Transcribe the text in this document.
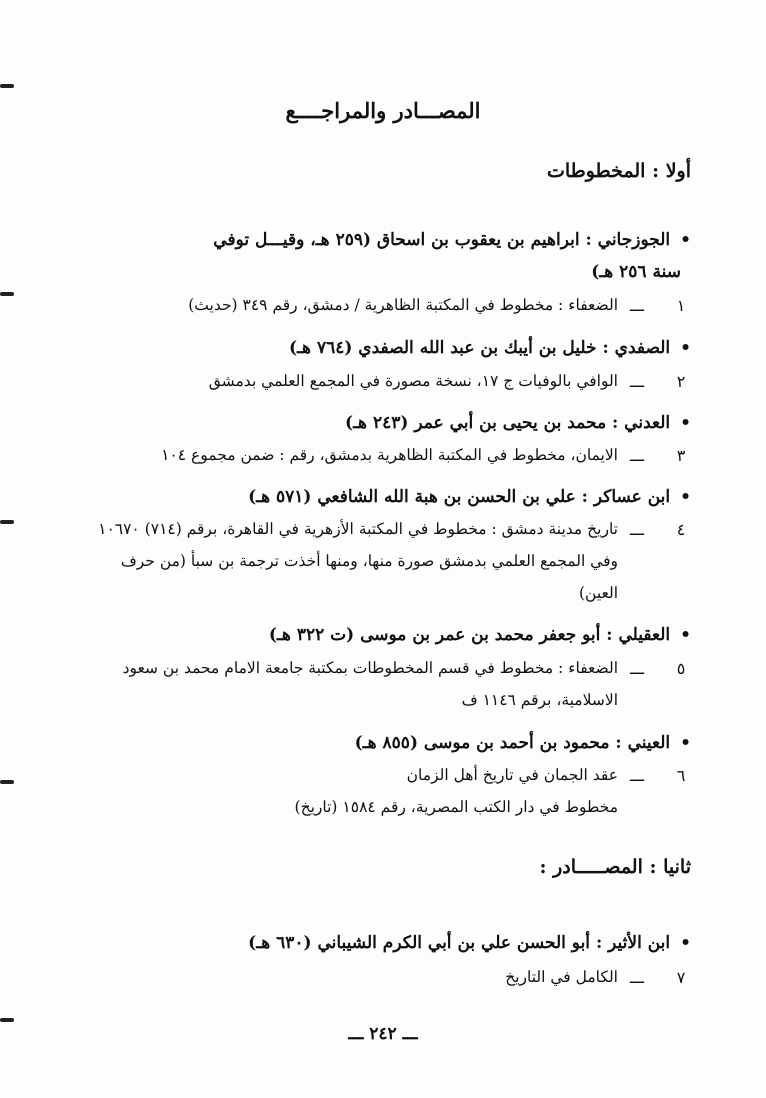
المصـــادر والمراجــــع
أولا : المخطوطات
•الجوزجاني : ابراهيم بن يعقوب بن اسحاق (٢٥٩ هـ، وقيـــل توفي
سنة ٢٥٦ هـ)
١
ـــ
الضعفاء : مخطوط في المكتبة الظاهرية / دمشق، رقم ٣٤٩ (حديث)
•الصفدي : خليل بن أيبك بن عبد الله الصفدي (٧٦٤ هـ)
٢
ـــ
الوافي بالوفيات ج ١٧، نسخة مصورة في المجمع العلمي بدمشق
•العدني : محمد بن يحيى بن أبي عمر (٢٤٣ هـ)
٣
ـــ
الايمان، مخطوط في المكتبة الظاهرية بدمشق، رقم : ضمن مجموع ١٠٤
•ابن عساكر : علي بن الحسن بن هبة الله الشافعي (٥٧١ هـ)
٤
ـــ
تاريخ مدينة دمشق : مخطوط في المكتبة الأزهرية في القاهرة، برقم (٧١٤) ١٠٦٧٠
وفي المجمع العلمي بدمشق صورة منها، ومنها أخذت ترجمة بن سبأ (من حرف
العين)
•العقيلي : أبو جعفر محمد بن عمر بن موسى (ت ٣٢٢ هـ)
٥
ـــ
الضعفاء : مخطوط في قسم المخطوطات بمكتبة جامعة الامام محمد بن سعود
الاسلامية، برقم ١١٤٦ ف
•العيني : محمود بن أحمد بن موسى (٨٥٥ هـ)
٦
ـــ
عقد الجمان في تاريخ أهل الزمان
مخطوط في دار الكتب المصرية، رقم ١٥٨٤ (تاريخ)
ثانيا : المصـــــادر :
•ابن الأثير : أبو الحسن علي بن أبي الكرم الشيباني (٦٣٠ هـ)
٧
ـــ
الكامل في التاريخ
ـــ ٢٤٢ ـــ
